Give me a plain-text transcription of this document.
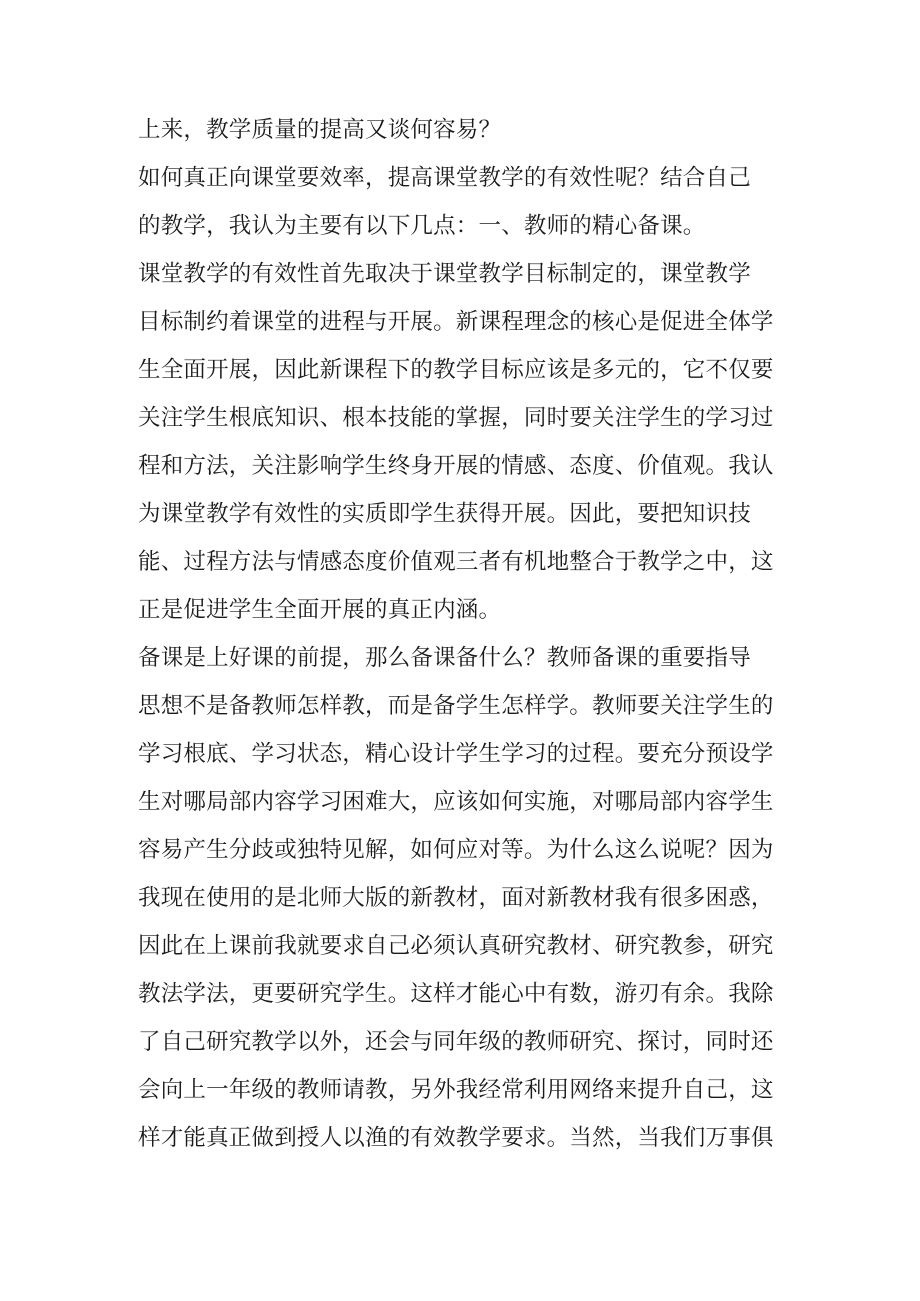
上来，教学质量的提高又谈何容易？
如何真正向课堂要效率，提高课堂教学的有效性呢？结合自己
的教学，我认为主要有以下几点：一、教师的精心备课。
课堂教学的有效性首先取决于课堂教学目标制定的，课堂教学
目标制约着课堂的进程与开展。新课程理念的核心是促进全体学
生全面开展，因此新课程下的教学目标应该是多元的，它不仅要
关注学生根底知识、根本技能的掌握，同时要关注学生的学习过
程和方法，关注影响学生终身开展的情感、态度、价值观。我认
为课堂教学有效性的实质即学生获得开展。因此，要把知识技
能、过程方法与情感态度价值观三者有机地整合于教学之中，这
正是促进学生全面开展的真正内涵。
备课是上好课的前提，那么备课备什么？教师备课的重要指导
思想不是备教师怎样教，而是备学生怎样学。教师要关注学生的
学习根底、学习状态，精心设计学生学习的过程。要充分预设学
生对哪局部内容学习困难大，应该如何实施，对哪局部内容学生
容易产生分歧或独特见解，如何应对等。为什么这么说呢？因为
我现在使用的是北师大版的新教材，面对新教材我有很多困惑，
因此在上课前我就要求自己必须认真研究教材、研究教参，研究
教法学法，更要研究学生。这样才能心中有数，游刃有余。我除
了自己研究教学以外，还会与同年级的教师研究、探讨，同时还
会向上一年级的教师请教，另外我经常利用网络来提升自己，这
样才能真正做到授人以渔的有效教学要求。当然，当我们万事俱
